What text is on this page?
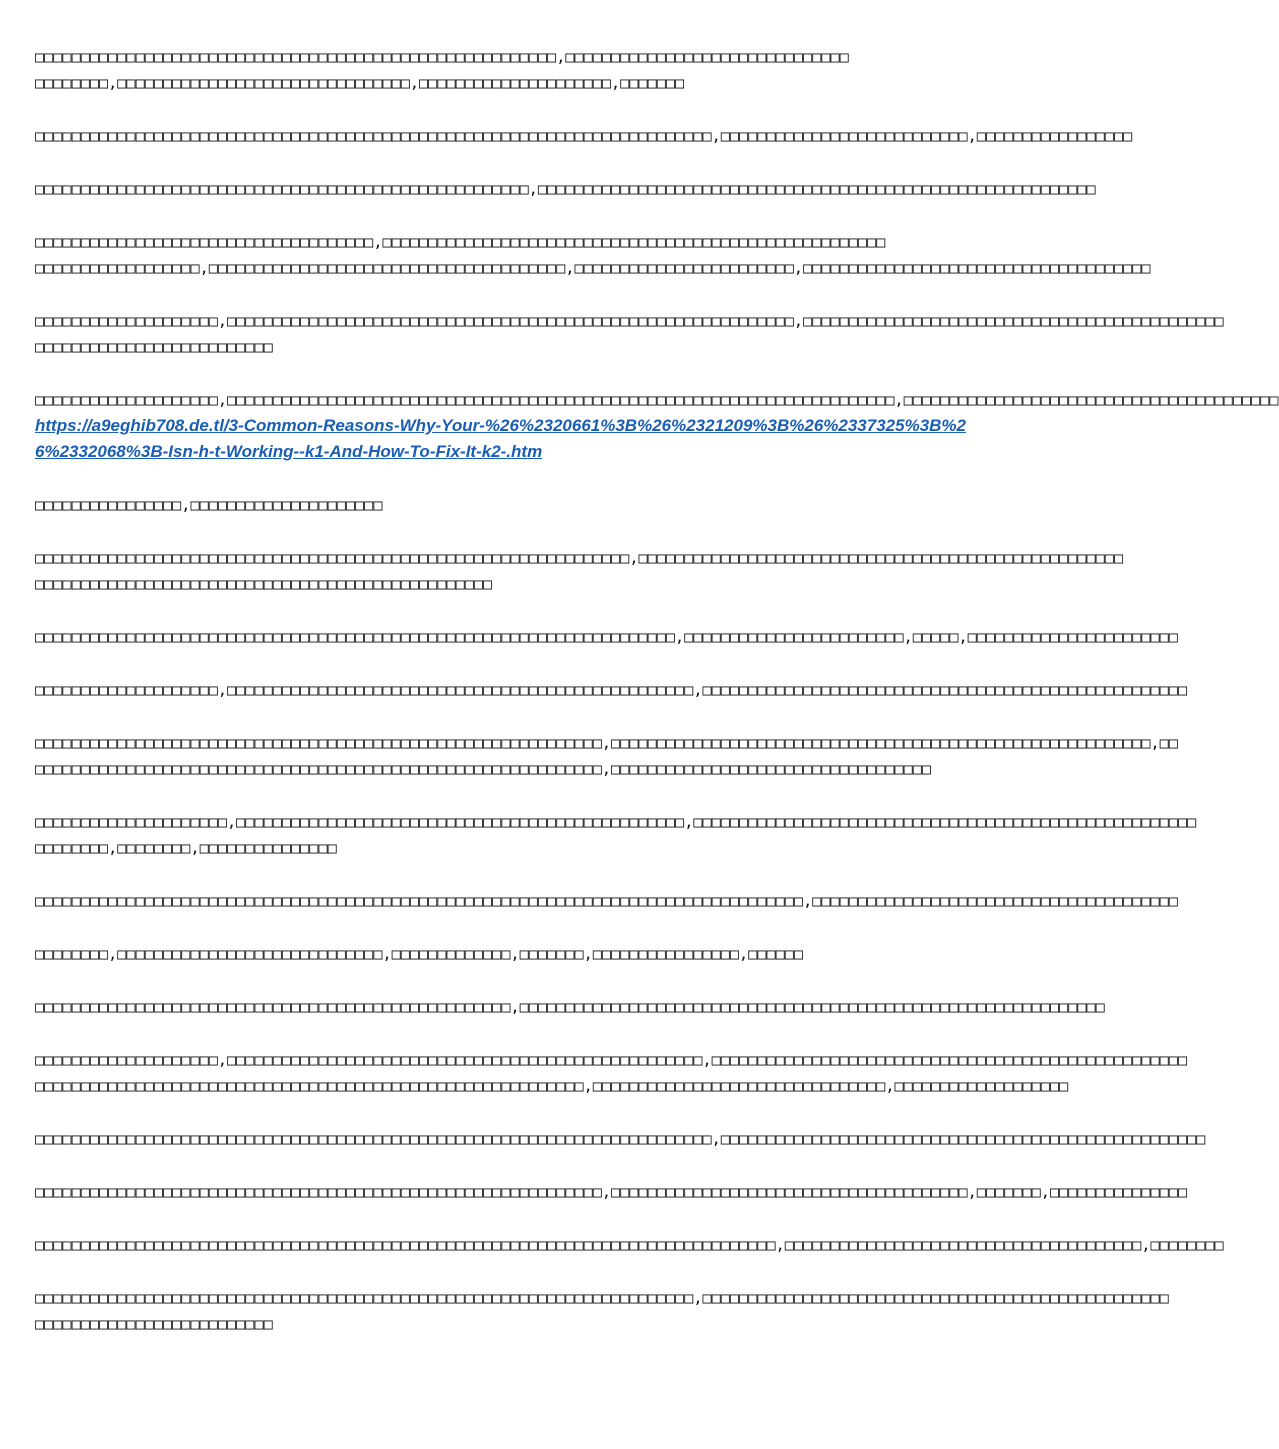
□□□□□□□□□□□□□□□□□□□□□□□□□□□□□□□□□□□□□□□□□□□□□□□□□□□□□□□□□,□□□□□□□□□□□□□□□□□□□□□□□□□□□□□□□
□□□□□□□□,□□□□□□□□□□□□□□□□□□□□□□□□□□□□□□□□,□□□□□□□□□□□□□□□□□□□□□,□□□□□□□

□□□□□□□□□□□□□□□□□□□□□□□□□□□□□□□□□□□□□□□□□□□□□□□□□□□□□□□□□□□□□□□□□□□□□□□□□□,□□□□□□□□□□□□□□□□□□□□□□□□□□□,□□□□□□□□□□□□□□□□□

□□□□□□□□□□□□□□□□□□□□□□□□□□□□□□□□□□□□□□□□□□□□□□□□□□□□□□,□□□□□□□□□□□□□□□□□□□□□□□□□□□□□□□□□□□□□□□□□□□□□□□□□□□□□□□□□□□□□

□□□□□□□□□□□□□□□□□□□□□□□□□□□□□□□□□□□□□,□□□□□□□□□□□□□□□□□□□□□□□□□□□□□□□□□□□□□□□□□□□□□□□□□□□□□□□
□□□□□□□□□□□□□□□□□□,□□□□□□□□□□□□□□□□□□□□□□□□□□□□□□□□□□□□□□□,□□□□□□□□□□□□□□□□□□□□□□□□,□□□□□□□□□□□□□□□□□□□□□□□□□□□□□□□□□□□□□□

□□□□□□□□□□□□□□□□□□□□,□□□□□□□□□□□□□□□□□□□□□□□□□□□□□□□□□□□□□□□□□□□□□□□□□□□□□□□□□□□□□□,□□□□□□□□□□□□□□□□□□□□□□□□□□□□□□□□□□□□□□□□□□□□□□
□□□□□□□□□□□□□□□□□□□□□□□□□□

□□□□□□□□□□□□□□□□□□□□,□□□□□□□□□□□□□□□□□□□□□□□□□□□□□□□□□□□□□□□□□□□□□□□□□□□□□□□□□□□□□□□□□□□□□□□□□,□□□□□□□□□□□□□□□□□□□□□□□□□□□□□□□□□□□□□□□□□
https://a9eghib708.de.tl/3-Common-Reasons-Why-Your-%26%2320661%3B%26%2321209%3B%26%2337325%3B%26%2332068%3B-Isn-h-t-Working--k1-And-How-To-Fix-It-k2-.htm

□□□□□□□□□□□□□□□□,□□□□□□□□□□□□□□□□□□□□□

□□□□□□□□□□□□□□□□□□□□□□□□□□□□□□□□□□□□□□□□□□□□□□□□□□□□□□□□□□□□□□□□□,□□□□□□□□□□□□□□□□□□□□□□□□□□□□□□□□□□□□□□□□□□□□□□□□□□□□□
□□□□□□□□□□□□□□□□□□□□□□□□□□□□□□□□□□□□□□□□□□□□□□□□□□

□□□□□□□□□□□□□□□□□□□□□□□□□□□□□□□□□□□□□□□□□□□□□□□□□□□□□□□□□□□□□□□□□□□□□□,□□□□□□□□□□□□□□□□□□□□□□□□,□□□□□,□□□□□□□□□□□□□□□□□□□□□□□

□□□□□□□□□□□□□□□□□□□□,□□□□□□□□□□□□□□□□□□□□□□□□□□□□□□□□□□□□□□□□□□□□□□□□□□□,□□□□□□□□□□□□□□□□□□□□□□□□□□□□□□□□□□□□□□□□□□□□□□□□□□□□□

□□□□□□□□□□□□□□□□□□□□□□□□□□□□□□□□□□□□□□□□□□□□□□□□□□□□□□□□□□□□□□,□□□□□□□□□□□□□□□□□□□□□□□□□□□□□□□□□□□□□□□□□□□□□□□□□□□□□□□□□□□,□□
□□□□□□□□□□□□□□□□□□□□□□□□□□□□□□□□□□□□□□□□□□□□□□□□□□□□□□□□□□□□□□,□□□□□□□□□□□□□□□□□□□□□□□□□□□□□□□□□□□

□□□□□□□□□□□□□□□□□□□□□,□□□□□□□□□□□□□□□□□□□□□□□□□□□□□□□□□□□□□□□□□□□□□□□□□,□□□□□□□□□□□□□□□□□□□□□□□□□□□□□□□□□□□□□□□□□□□□□□□□□□□□□□□
□□□□□□□□,□□□□□□□□,□□□□□□□□□□□□□□□

□□□□□□□□□□□□□□□□□□□□□□□□□□□□□□□□□□□□□□□□□□□□□□□□□□□□□□□□□□□□□□□□□□□□□□□□□□□□□□□□□□□□,□□□□□□□□□□□□□□□□□□□□□□□□□□□□□□□□□□□□□□□□

□□□□□□□□,□□□□□□□□□□□□□□□□□□□□□□□□□□□□□,□□□□□□□□□□□□□,□□□□□□□,□□□□□□□□□□□□□□□□,□□□□□□

□□□□□□□□□□□□□□□□□□□□□□□□□□□□□□□□□□□□□□□□□□□□□□□□□□□□,□□□□□□□□□□□□□□□□□□□□□□□□□□□□□□□□□□□□□□□□□□□□□□□□□□□□□□□□□□□□□□□□

□□□□□□□□□□□□□□□□□□□□,□□□□□□□□□□□□□□□□□□□□□□□□□□□□□□□□□□□□□□□□□□□□□□□□□□□□,□□□□□□□□□□□□□□□□□□□□□□□□□□□□□□□□□□□□□□□□□□□□□□□□□□□□
□□□□□□□□□□□□□□□□□□□□□□□□□□□□□□□□□□□□□□□□□□□□□□□□□□□□□□□□□□□□,□□□□□□□□□□□□□□□□□□□□□□□□□□□□□□□□,□□□□□□□□□□□□□□□□□□□

□□□□□□□□□□□□□□□□□□□□□□□□□□□□□□□□□□□□□□□□□□□□□□□□□□□□□□□□□□□□□□□□□□□□□□□□□□,□□□□□□□□□□□□□□□□□□□□□□□□□□□□□□□□□□□□□□□□□□□□□□□□□□□□□

□□□□□□□□□□□□□□□□□□□□□□□□□□□□□□□□□□□□□□□□□□□□□□□□□□□□□□□□□□□□□□,□□□□□□□□□□□□□□□□□□□□□□□□□□□□□□□□□□□□□□□,□□□□□□□,□□□□□□□□□□□□□□□

□□□□□□□□□□□□□□□□□□□□□□□□□□□□□□□□□□□□□□□□□□□□□□□□□□□□□□□□□□□□□□□□□□□□□□□□□□□□□□□□□,□□□□□□□□□□□□□□□□□□□□□□□□□□□□□□□□□□□□□□□,□□□□□□□□

□□□□□□□□□□□□□□□□□□□□□□□□□□□□□□□□□□□□□□□□□□□□□□□□□□□□□□□□□□□□□□□□□□□□□□□□,□□□□□□□□□□□□□□□□□□□□□□□□□□□□□□□□□□□□□□□□□□□□□□□□□□□
□□□□□□□□□□□□□□□□□□□□□□□□□□
